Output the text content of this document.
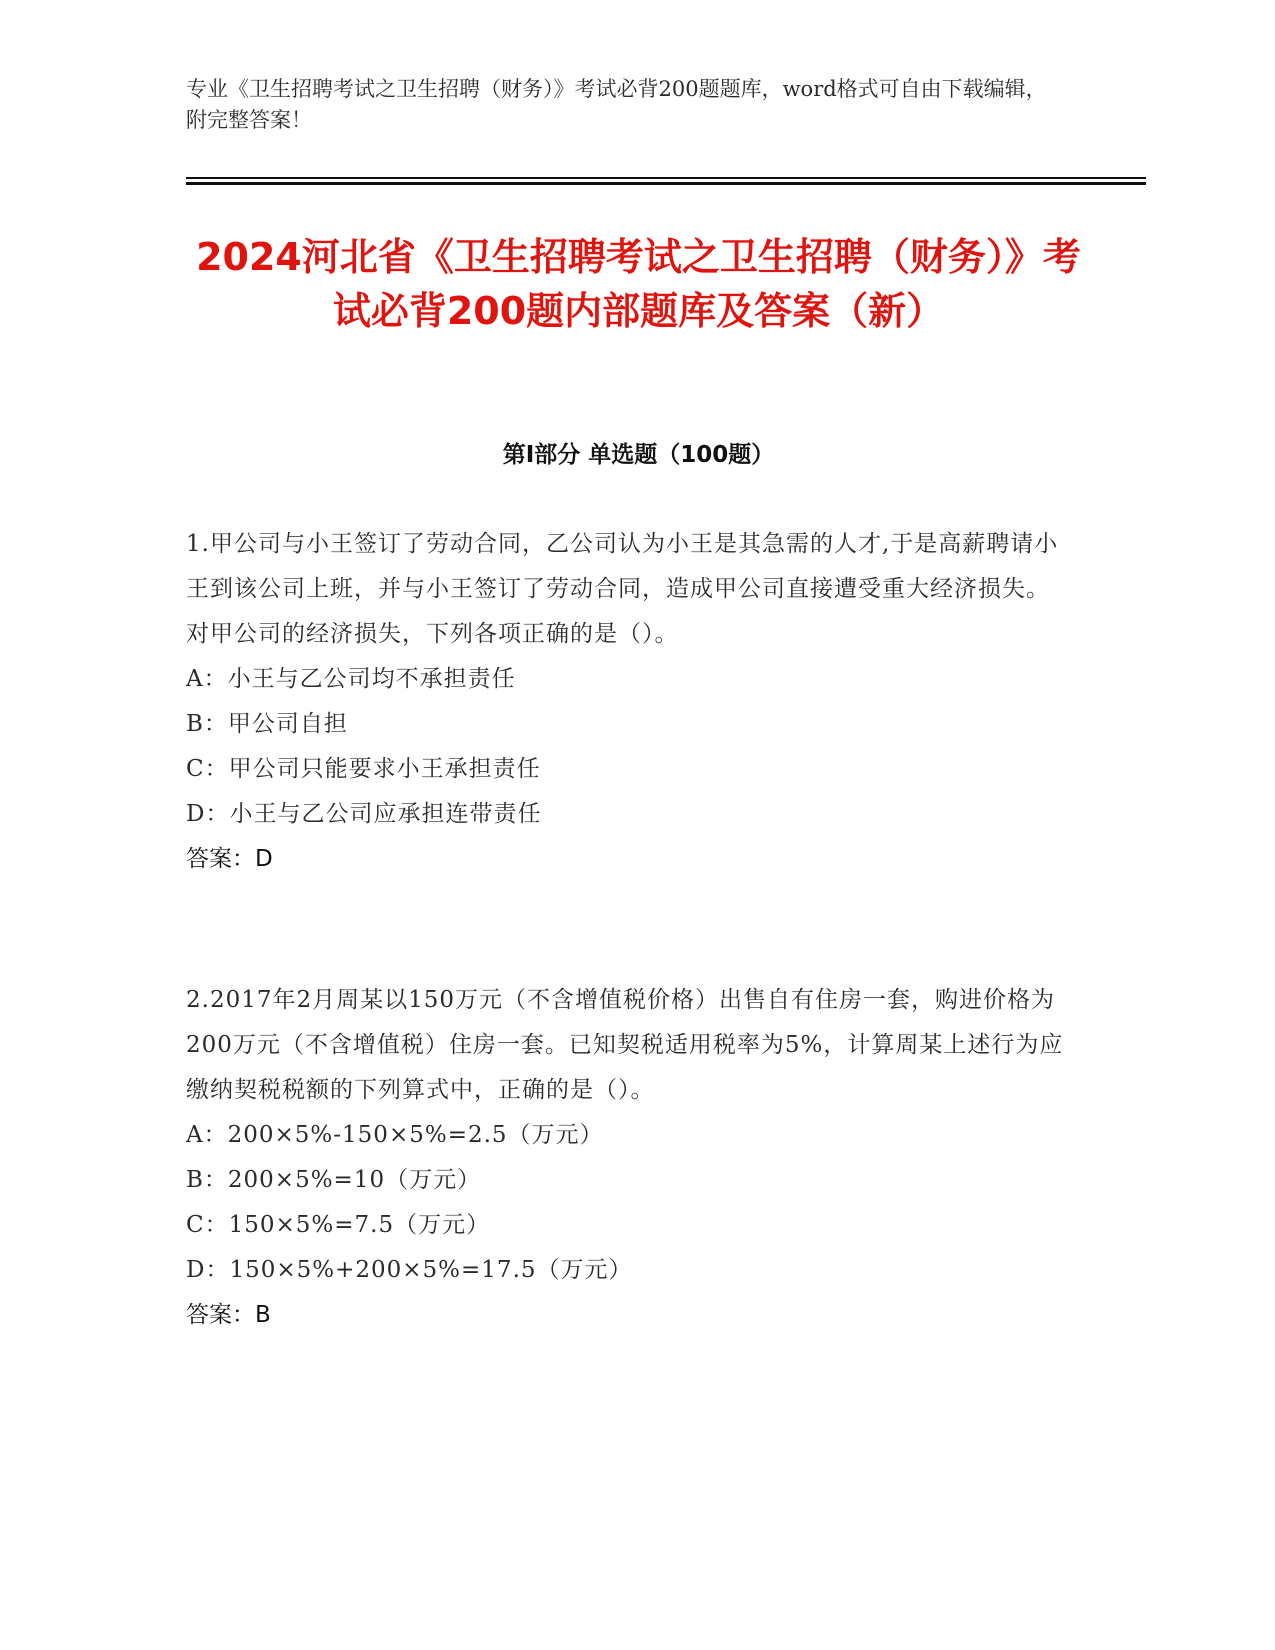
专业《卫生招聘考试之卫生招聘（财务）》考试必背200题题库，word格式可自由下载编辑，附完整答案！
2024河北省《卫生招聘考试之卫生招聘（财务）》考试必背200题内部题库及答案（新）
第Ⅰ部分 单选题（100题）
1.甲公司与小王签订了劳动合同，乙公司认为小王是其急需的人才,于是高薪聘请小王到该公司上班，并与小王签订了劳动合同，造成甲公司直接遭受重大经济损失。对甲公司的经济损失，下列各项正确的是（）。
A：小王与乙公司均不承担责任
B：甲公司自担
C：甲公司只能要求小王承担责任
D：小王与乙公司应承担连带责任
答案：D
2.2017年2月周某以150万元（不含增值税价格）出售自有住房一套，购进价格为200万元（不含增值税）住房一套。已知契税适用税率为5%，计算周某上述行为应缴纳契税税额的下列算式中，正确的是（）。
A：200×5%-150×5%=2.5（万元）
B：200×5%=10（万元）
C：150×5%=7.5（万元）
D：150×5%+200×5%=17.5（万元）
答案：B
